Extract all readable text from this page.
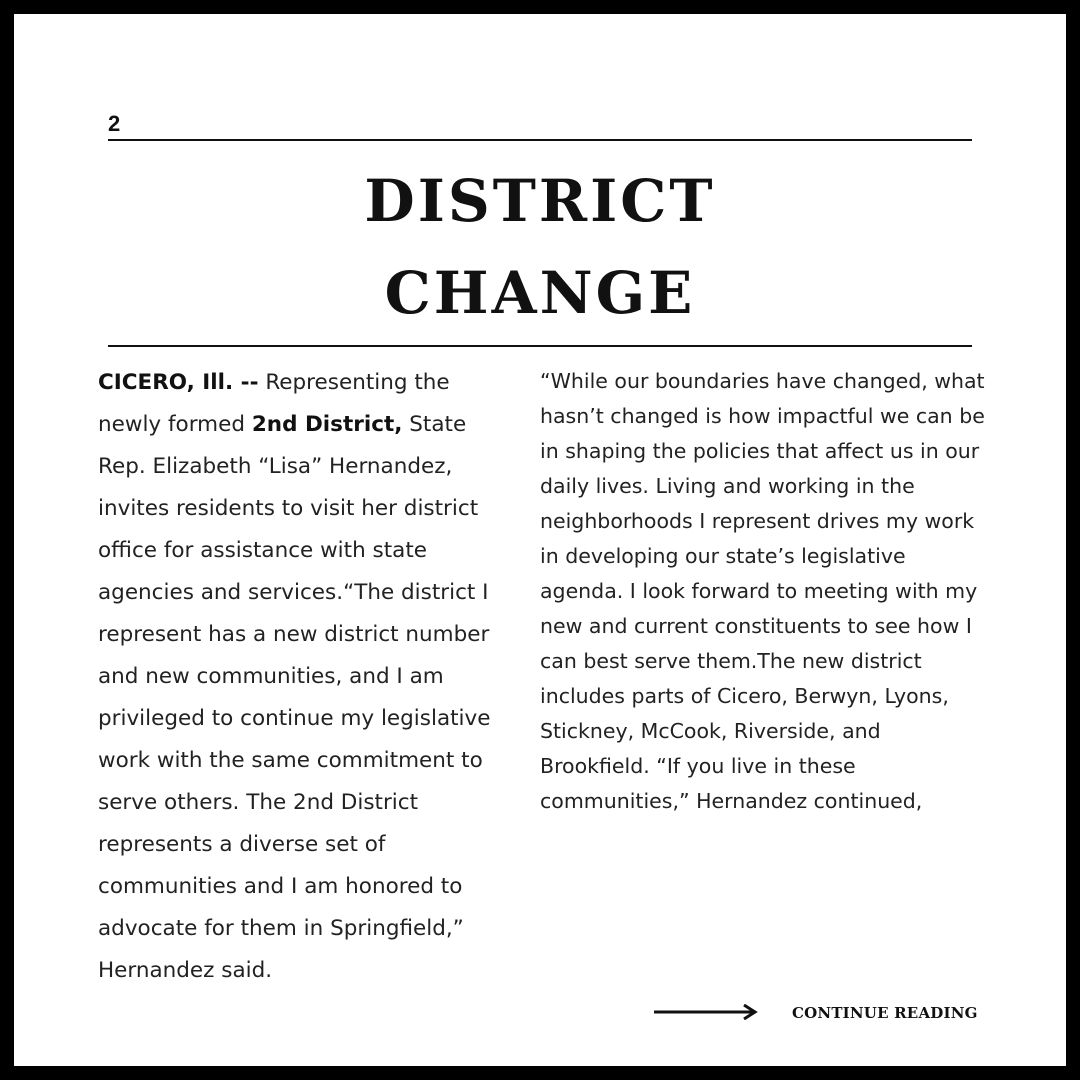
2
DISTRICT
CHANGE
CICERO, Ill. -- Representing the newly formed 2nd District, State Rep. Elizabeth “Lisa” Hernandez, invites residents to visit her district office for assistance with state agencies and services.“The district I represent has a new district number and new communities, and I am privileged to continue my legislative work with the same commitment to serve others. The 2nd District represents a diverse set of communities and I am honored to advocate for them in Springfield,” Hernandez said.
“While our boundaries have changed, what hasn’t changed is how impactful we can be in shaping the policies that affect us in our daily lives. Living and working in the neighborhoods I represent drives my work in developing our state’s legislative agenda. I look forward to meeting with my new and current constituents to see how I can best serve them.The new district includes parts of Cicero, Berwyn, Lyons, Stickney, McCook, Riverside, and Brookfield. “If you live in these communities,” Hernandez continued,
CONTINUE READING
